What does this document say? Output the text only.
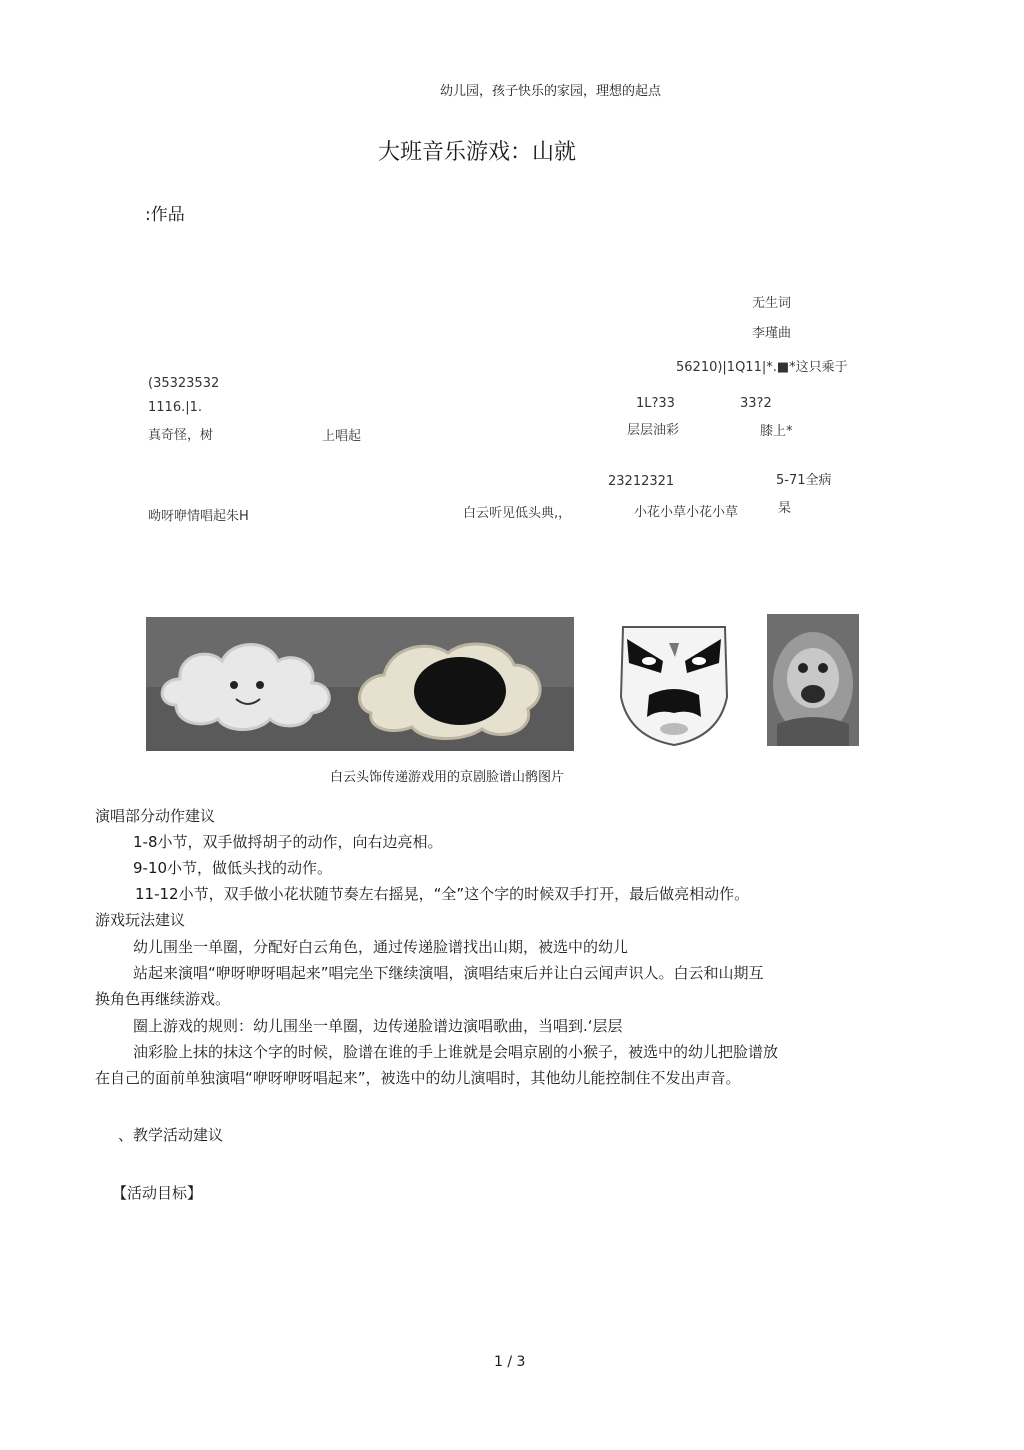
幼儿园，孩子快乐的家园，理想的起点
大班音乐游戏：山就
:作品
无生词
李瑾曲
56210)|1Q11|*.■*这只乘于
(35323532
1116.|1.	1L?33	33?2
真奇怪，树	上唱起	层层油彩	膝上*
23212321	5-71全病
呦呀咿情唱起朱H	白云听见低头典,，	小花小草小花小草	杲
白云头饰传递游戏用的京剧脸谱山鹘图片
演唱部分动作建议
1-8小节，双手做捋胡子的动作，向右边亮相。
9-10小节，做低头找的动作。
11-12小节，双手做小花状随节奏左右摇晃，“全”这个字的时候双手打开，最后做亮相动作。
游戏玩法建议
幼儿围坐一单圈，分配好白云角色，通过传递脸谱找出山期，被选中的幼儿
站起来演唱“咿呀咿呀唱起来”唱完坐下继续演唱，演唱结束后并让白云闻声识人。白云和山期互
换角色再继续游戏。
圈上游戏的规则：幼儿围坐一单圈，边传递脸谱边演唱歌曲，当唱到.‘层层
油彩脸上抹的抹这个字的时候，脸谱在谁的手上谁就是会唱京剧的小猴子，被选中的幼儿把脸谱放
在自己的面前单独演唱“咿呀咿呀唱起来”，被选中的幼儿演唱时，其他幼儿能控制住不发出声音。
、教学活动建议
【活动目标】
1 / 3
